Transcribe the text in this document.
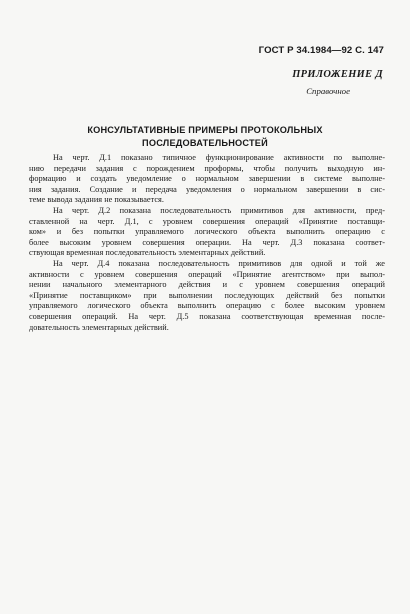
ГОСТ Р 34.1984—92 С. 147
ПРИЛОЖЕНИЕ Д
Справочное
КОНСУЛЬТАТИВНЫЕ ПРИМЕРЫ ПРОТОКОЛЬНЫХ
ПОСЛЕДОВАТЕЛЬНОСТЕЙ

На черт. Д.1 показано типичное функционирование активности по выполне-
нию передачи задания с порождением проформы, чтобы получить выходную ин-
формацию и создать уведомление о нормальном завершении в системе выполне-
ния задания. Создание и передача уведомления о нормальном завершении в сис-
теме вывода задания не показывается.

На черт. Д.2 показана последовательность примитивов для активности, пред-
ставленной на черт. Д.1, с уровнем совершения операций «Принятие поставщи-
ком» и без попытки управляемого логического объекта выполнить операцию с
более высоким уровнем совершения операции. На черт. Д.3 показана соответ-
ствующая временная последовательность элементарных действий.

На черт. Д.4 показана последовательность примитивов для одной и той же
активности с уровнем совершения операций «Принятие агентством» при выпол-
нении начального элементарного действия и с уровнем совершения операций
«Принятие поставщиком» при выполнении последующих действий без попытки
управляемого логического объекта выполнить операцию с более высоким уровнем
совершения операций. На черт. Д.5 показана соответствующая временная после-
довательность элементарных действий.
